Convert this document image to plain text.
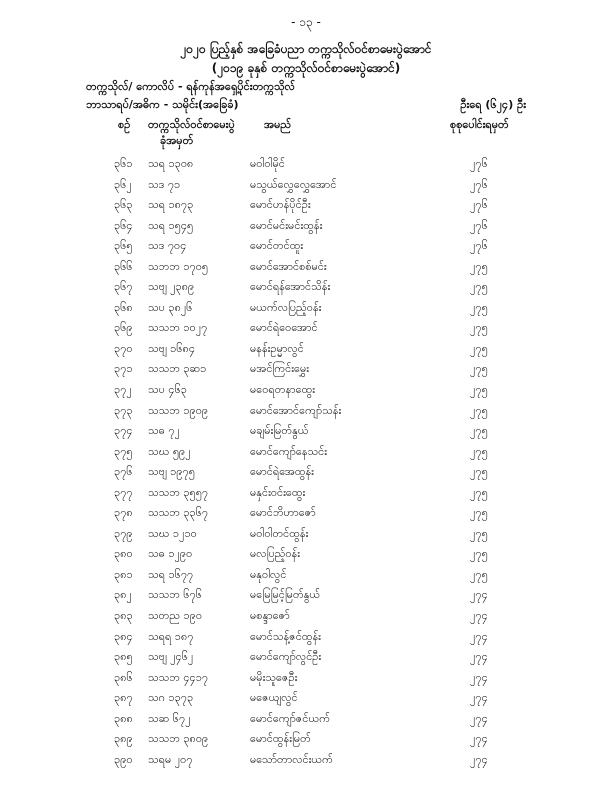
- ၁၃ -
၂၀၂၀ ပြည့်နှစ် အခြေခံပညာ တက္ကသိုလ်ဝင်စာမေးပွဲအောင်
(၂၀၁၉ ခုနှစ် တက္ကသိုလ်ဝင်စာမေးပွဲအောင်)
တက္ကသိုလ်/ ကောလိပ် - ရန်ကုန်အရှေ့ပိုင်းတက္ကသိုလ်
ဘာသာရပ်/အဓိက - သမိုင်း(အခြေခံ)	ဦးရေ (၆၂၄) ဦး
စဉ် တက္ကသိုလ်ဝင်စာမေးပွဲ
ခုံအမှတ်
အမည်	စုစုပေါင်းရမှတ်
၃၆၁ သရ ၁၃၀၈	မဝါဝါမိုင်	၂၇၆
၃၆၂ သဒ ၇၁	မသွယ်လွှေလွှေအောင်	၂၇၆
၃၆၃ သရ ၁၈၇၃	မောင်ဟန်ပိုင်ဦး	၂၇၆
၃၆၄ သရ ၁၅၄၅	မောင်မင်းမင်းထွန်း	၂၇၆
၃၆၅ သဒ ၇၀၄	မောင်တင်ထူး	၂၇၆
၃၆၆ သဘဘ ၁၇၀၅	မောင်အောင်စစ်မင်း	၂၇၅
၃၆၇ သဗျ ၂၃၈၉	မောင်ရန်အောင်သိန်း	၂၇၅
၃၆၈ သပ ၃၈၂၆	မယက်လပြည့်ဝန်း	၂၇၅
၃၆၉ သသဘ ၁၀၂၇	မောင်ရဲဝေအောင်	၂၇၅
၃၇၀ သဗျ ၁၆၈၄	မနန်းဥမ္မာလွင်	၂၇၅
၃၇၁ သသဘ ၃ဆ၁	မအင်ကြင်းမွှေး	၂၇၅
၃၇၂ သပ ၄၆၃	မဝေရတနာထွေး	၂၇၅
၃၇၃ သသဘ ၁၉၀၉	မောင်အောင်ကျော်သန်း	၂၇၅
၃၇၄ သဓ ၇၂	မချမ်းမြတ်နွယ်	၂၇၅
၃၇၅ သဃ ၅၉၂	မောင်ကျော်နေသင်း	၂၇၅
၃၇၆ သဗျ ၁၉၇၅	မောင်ရဲအေထွန်း	၂၇၅
၃၇၇ သသဘ ၃၅၅၇	မနှင်းဝင်းထွေး	၂၇၅
၃၇၈ သသဘ ၃၃၆၇	မောင်ဘိဟာဇော်	၂၇၅
၃၇၉ သဃ ၁၂၁၀	မဝါဝါတင်ထွန်း	၂၇၅
၃၈၀ သဓ ၁၂၉၀	မလပြည့်ဝန်း	၂၇၅
၃၈၁ သရ ၁၆၇၇	မနုဝါလွင်	၂၇၅
၃၈၂ သသဘ ၆၇၆	မမြေမြင့်မြတ်နွယ်	၂၇၄
၃၈၃ သတည ၁၉၀	မစန္ဒာဇော်	၂၇၄
၃၈၄ သရရ ၁၈၇	မောင်သန့်ဇင်ထွန်း	၂၇၄
၃၈၅ သဗျ ၂၄၆၂	မောင်ကျော်လွင်ဦး	၂၇၄
၃၈၆ သသဘ ၄၄၁၇	မမိုးသူဇေဦး	၂၇၄
၃၈၇ သဂ ၁၃၇၃	မဇေယျလွင်	၂၇၄
၃၈၈ သဆ ၆၇၂	မောင်ကျော်ဇင်ယက်	၂၇၄
၃၈၉ သသဘ ၃၈၀၉	မောင်ထွန်းမြတ်	၂၇၄
၃၉၀ သရမ ၂၀၇	မသော်တာလင်းယက်	၂၇၄
